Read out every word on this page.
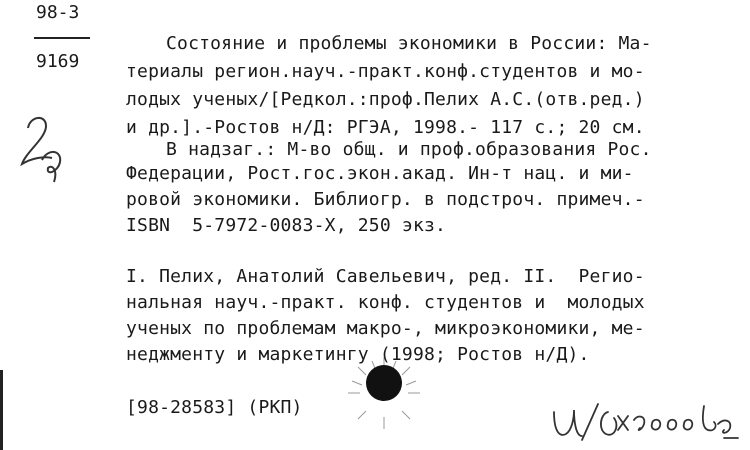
98-3
9169
Состояние и проблемы экономики в России: Ма-
териалы регион.науч.-практ.конф.студентов и мо-
лодых ученых/[Редкол.:проф.Пелих А.С.(отв.ред.)
и др.].-Ростов н/Д: РГЭА, 1998.- 117 с.; 20 см.
В надзаг.: М-во общ. и проф.образования Рос.
Федерации, Рост.гос.экон.акад. Ин-т нац. и ми-
ровой экономики. Библиогр. в подстроч. примеч.-
ISBN  5-7972-0083-Х, 250 экз.
I. Пелих, Анатолий Савельевич, ред. II.  Регио-
нальная науч.-практ. конф. студентов и  молодых
ученых по проблемам макро-, микроэкономики, ме-
неджменту и маркетингу (1998; Ростов н/Д).
[98-28583] (РКП)
